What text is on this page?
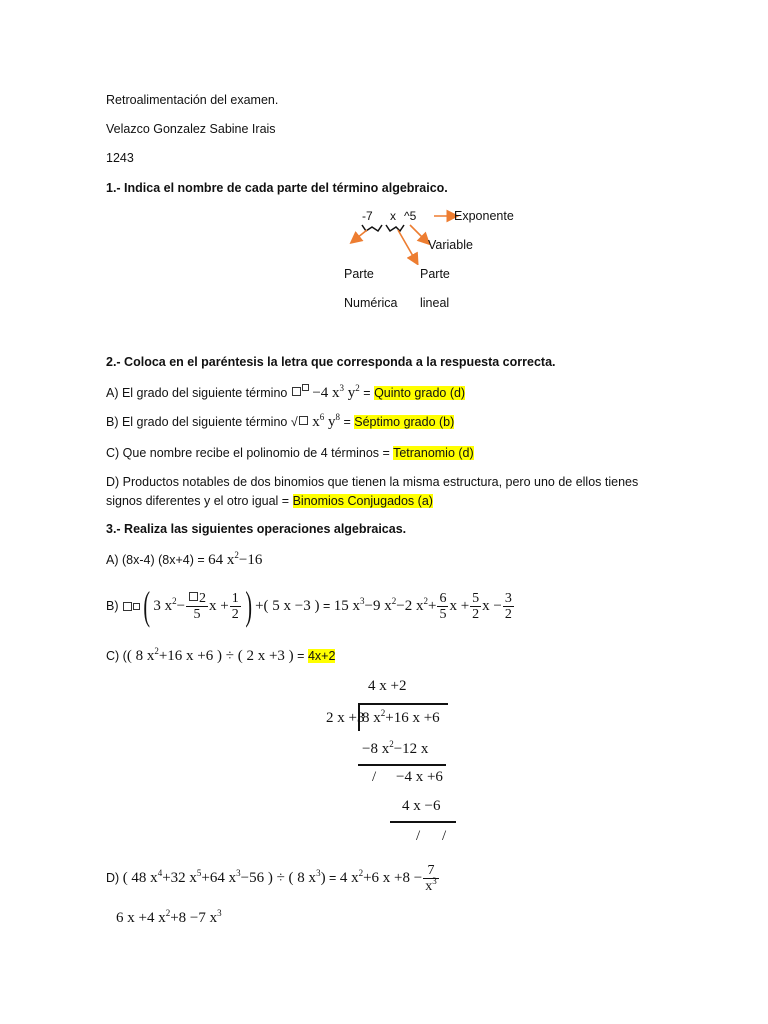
Retroalimentación del examen.
Velazco Gonzalez Sabine Irais
1243
1.- Indica el nombre de cada parte del término algebraico.
-7 x ^5	Exponente
Variable
Parte
Numérica
Parte
lineal
2.- Coloca en el paréntesis la letra que corresponda a la respuesta correcta.
A) El grado del siguiente término −4 $x^3$ $y^2$ = Quinto grado (d)
B) El grado del siguiente término √ $x^6$ $y^8$ = Séptimo grado (b)
C) Que nombre recibe el polinomio de 4 términos = Tetranomio (d)
D) Productos notables de dos binomios que tienen la misma estructura, pero uno de ellos tienes
signos diferentes y el otro igual = Binomios Conjugados (a)
3.- Realiza las siguientes operaciones algebraicas.
A) (8x-4) (8x+4) = 64 $x^2-16$
B)
( 3 $x^2- \frac{2}{5}$ $x + \frac{1}{2}$ ) + ( 5 x −3 )
=
15 $x^3-9$ $x^2-2$ $x^2+ \frac{6}{5}$ $x + \frac{5}{2}$ $x - \frac{3}{2}$
C) (( 8 $x^2+16$ x +6 ) ÷ ( 2 x +3 ) = 4x+2
4 x +2
2 x +3
8 $x^2+16$ x +6
−8 $x^2-12$ x
/ −4 x +6
4 x −6
/ /
D)
( 48 $x^4+32$ $x^5+64$ $x^3-56$ ) ÷ ( 8 $x^3$)
=
4 $x^2+6$ $x +8 - \frac{7}{x^3}$
6 x +4 $x^2+8 -7$ $x^3$
